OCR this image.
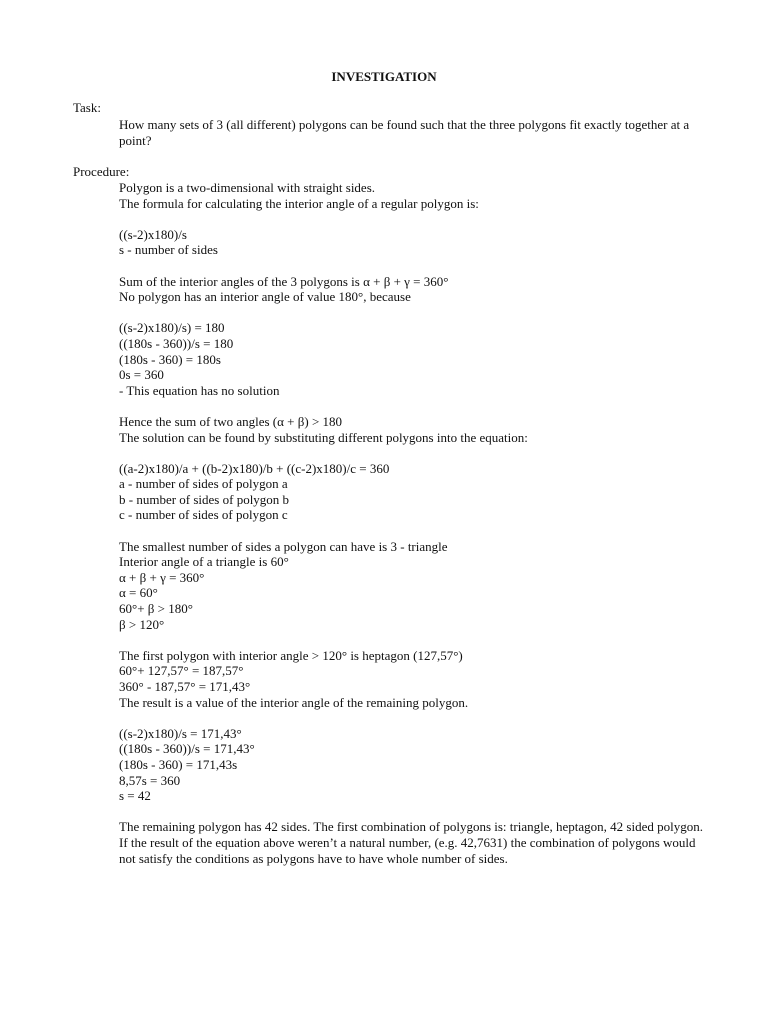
INVESTIGATION
Task:
How many sets of 3 (all different) polygons can be found such that the three polygons fit exactly together at a point?
Procedure:
Polygon is a two-dimensional with straight sides.
The formula for calculating the interior angle of a regular polygon is:
((s-2)x180)/s
s - number of sides
Sum of the interior angles of the 3 polygons is α + β + γ = 360°
No polygon has an interior angle of value 180°, because
((s-2)x180)/s) = 180
((180s - 360))/s = 180
(180s - 360) = 180s
0s = 360
- This equation has no solution
Hence the sum of two angles (α + β) > 180
The solution can be found by substituting different polygons into the equation:
((a-2)x180)/a + ((b-2)x180)/b + ((c-2)x180)/c = 360
a - number of sides of polygon a
b - number of sides of polygon b
c - number of sides of polygon c
The smallest number of sides a polygon can have is 3 - triangle
Interior angle of a triangle is 60°
α + β + γ = 360°
α = 60°
60°+ β > 180°
β > 120°
The first polygon with interior angle > 120° is heptagon (127,57°)
60°+ 127,57° = 187,57°
360° - 187,57° = 171,43°
The result is a value of the interior angle of the remaining polygon.
((s-2)x180)/s = 171,43°
((180s - 360))/s = 171,43°
(180s - 360) = 171,43s
8,57s = 360
s = 42
The remaining polygon has 42 sides. The first combination of polygons is: triangle, heptagon, 42 sided polygon. If the result of the equation above weren’t a natural number, (e.g. 42,7631) the combination of polygons would not satisfy the conditions as polygons have to have whole number of sides.
